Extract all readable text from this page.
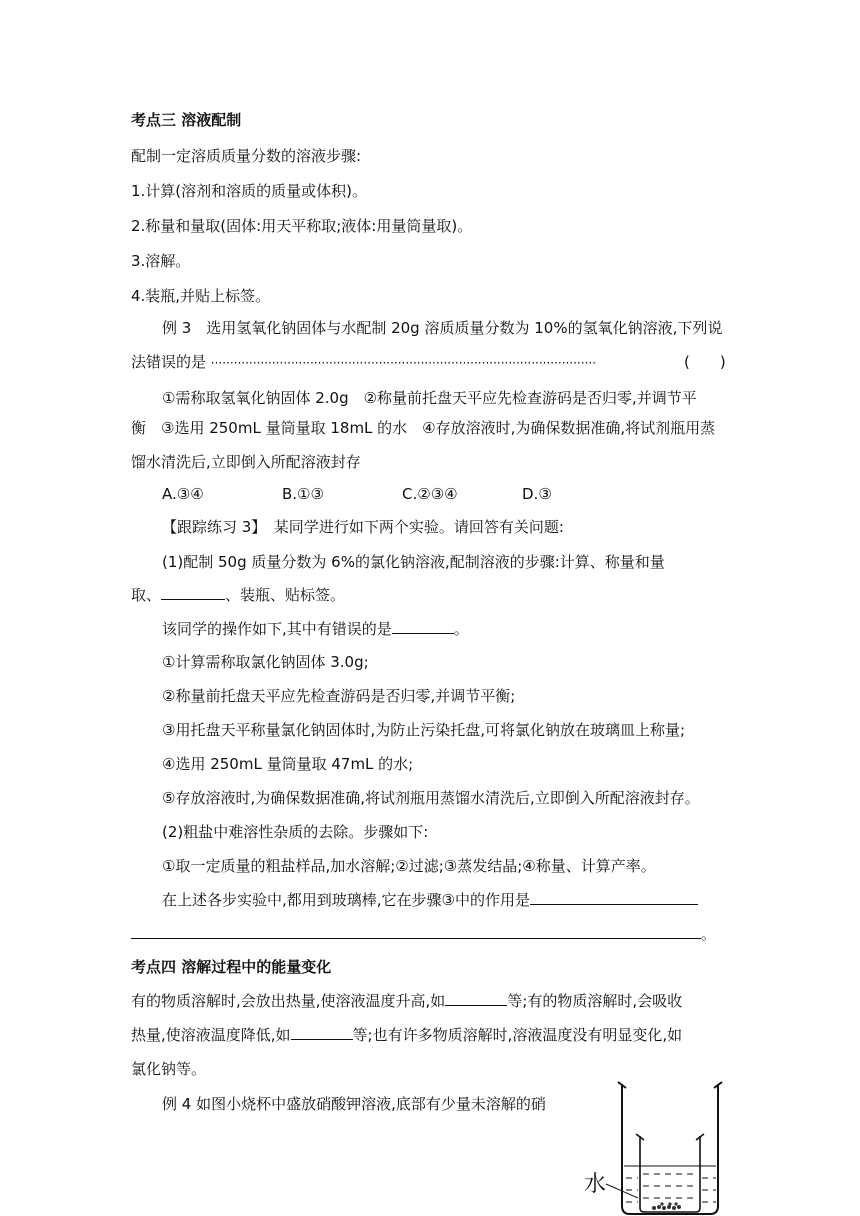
考点三 溶液配制
配制一定溶质质量分数的溶液步骤:
1.计算(溶剂和溶质的质量或体积)。
2.称量和量取(固体:用天平称取;液体:用量筒量取)。
3.溶解。
4.装瓶,并贴上标签。
例 3　选用氢氧化钠固体与水配制 20g 溶质质量分数为 10%的氢氧化钠溶液,下列说
法错误的是 ·····································································································	(　　)
①需称取氢氧化钠固体 2.0g　②称量前托盘天平应先检查游码是否归零,并调节平
衡　③选用 250mL 量筒量取 18mL 的水　④存放溶液时,为确保数据准确,将试剂瓶用蒸
馏水清洗后,立即倒入所配溶液封存
A.③④	B.①③	C.②③④	D.③
【跟踪练习 3】　某同学进行如下两个实验。请回答有关问题:
(1)配制 50g 质量分数为 6%的氯化钠溶液,配制溶液的步骤:计算、称量和量
取、	、装瓶、贴标签。
该同学的操作如下,其中有错误的是	。
①计算需称取氯化钠固体 3.0g;
②称量前托盘天平应先检查游码是否归零,并调节平衡;
③用托盘天平称量氯化钠固体时,为防止污染托盘,可将氯化钠放在玻璃皿上称量;
④选用 250mL 量筒量取 47mL 的水;
⑤存放溶液时,为确保数据准确,将试剂瓶用蒸馏水清洗后,立即倒入所配溶液封存。
(2)粗盐中难溶性杂质的去除。步骤如下:
①取一定质量的粗盐样品,加水溶解;②过滤;③蒸发结晶;④称量、计算产率。
在上述各步实验中,都用到玻璃棒,它在步骤③中的作用是
。
考点四 溶解过程中的能量变化
有的物质溶解时,会放出热量,使溶液温度升高,如	等;有的物质溶解时,会吸收
热量,使溶液温度降低,如	等;也有许多物质溶解时,溶液温度没有明显变化,如
氯化钠等。
例 4 如图小烧杯中盛放硝酸钾溶液,底部有少量未溶解的硝
水
